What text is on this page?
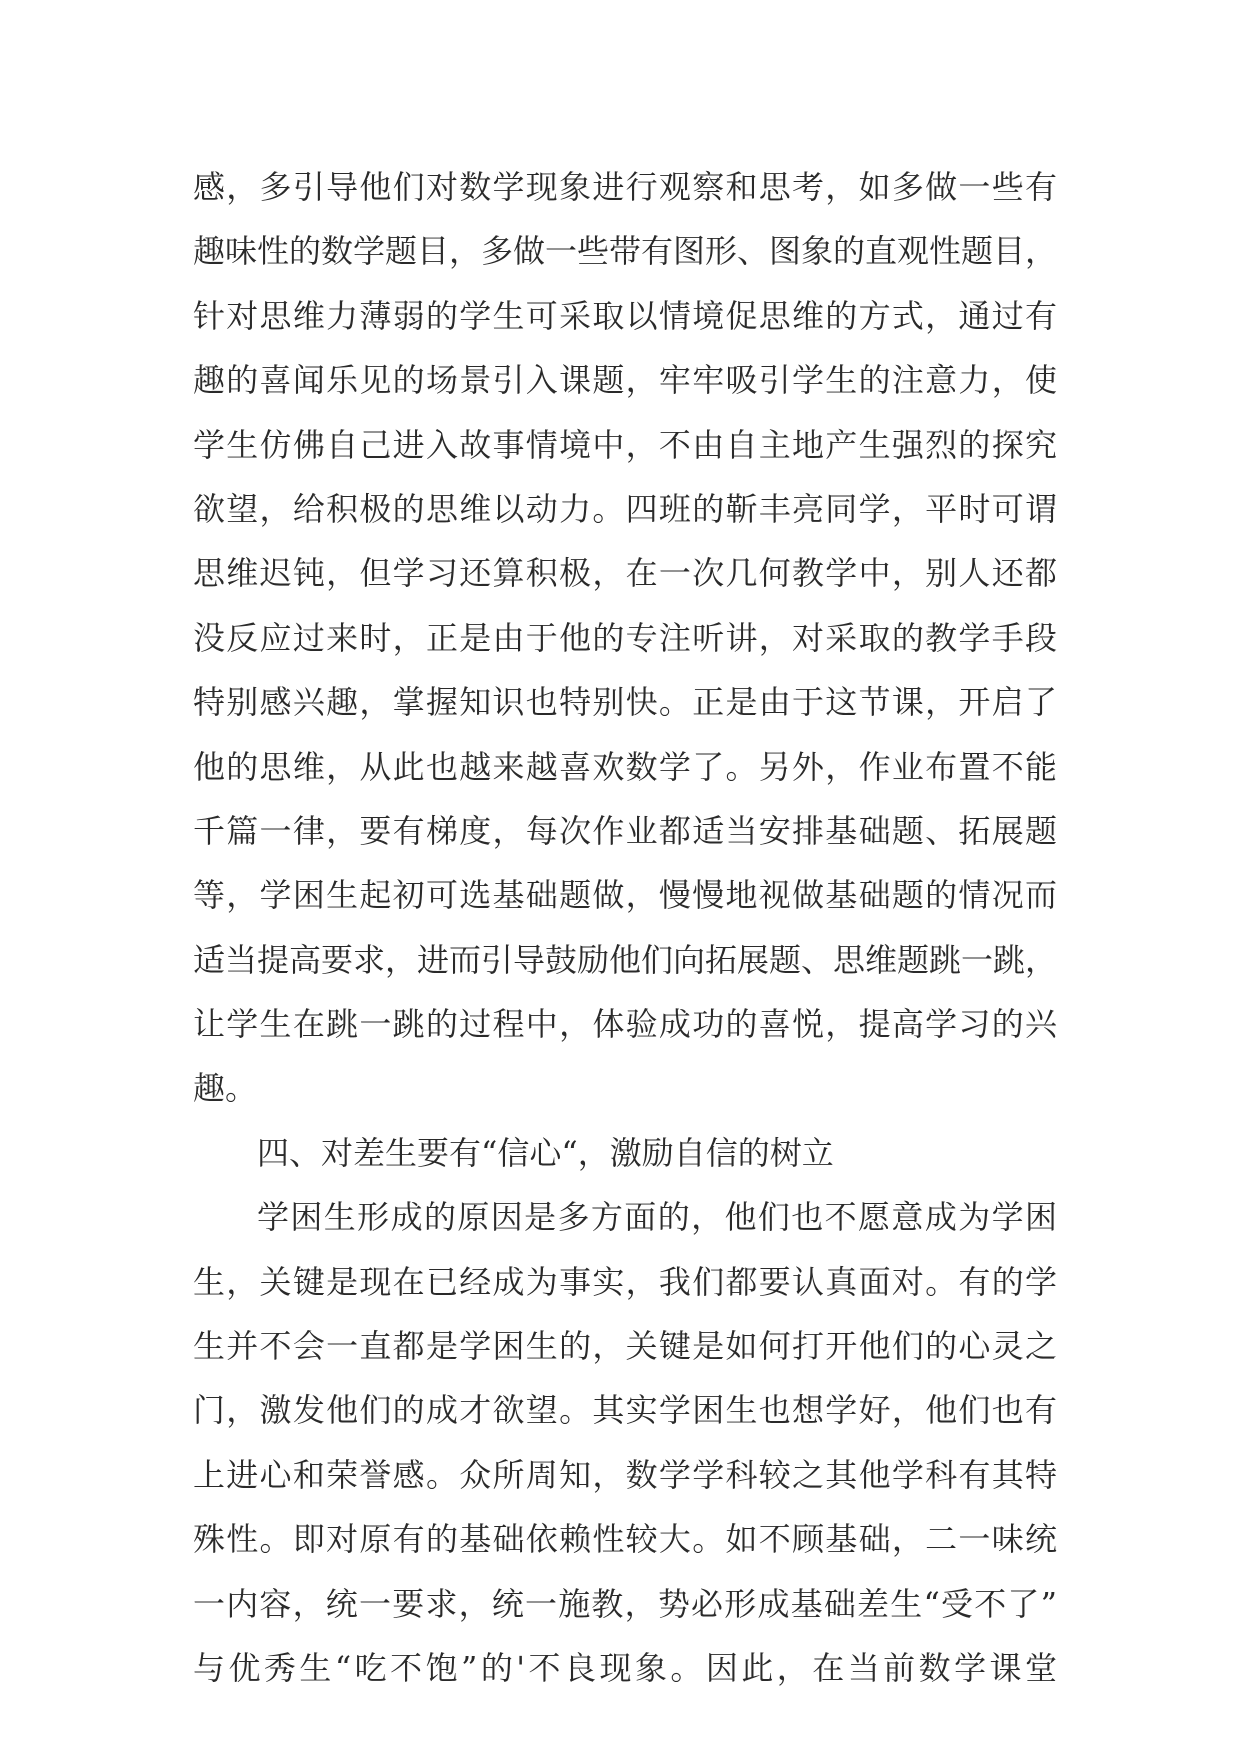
感，多引导他们对数学现象进行观察和思考，如多做一些有
趣味性的数学题目，多做一些带有图形、图象的直观性题目，
针对思维力薄弱的学生可采取以情境促思维的方式，通过有
趣的喜闻乐见的场景引入课题，牢牢吸引学生的注意力，使
学生仿佛自己进入故事情境中，不由自主地产生强烈的探究
欲望，给积极的思维以动力。四班的靳丰亮同学，平时可谓
思维迟钝，但学习还算积极，在一次几何教学中，别人还都
没反应过来时，正是由于他的专注听讲，对采取的教学手段
特别感兴趣，掌握知识也特别快。正是由于这节课，开启了
他的思维，从此也越来越喜欢数学了。另外，作业布置不能
千篇一律，要有梯度，每次作业都适当安排基础题、拓展题
等，学困生起初可选基础题做，慢慢地视做基础题的情况而
适当提高要求，进而引导鼓励他们向拓展题、思维题跳一跳，
让学生在跳一跳的过程中，体验成功的喜悦，提高学习的兴
趣。
四、对差生要有“信心“，激励自信的树立
学困生形成的原因是多方面的，他们也不愿意成为学困
生，关键是现在已经成为事实，我们都要认真面对。有的学
生并不会一直都是学困生的，关键是如何打开他们的心灵之
门，激发他们的成才欲望。其实学困生也想学好，他们也有
上进心和荣誉感。众所周知，数学学科较之其他学科有其特
殊性。即对原有的基础依赖性较大。如不顾基础，二一味统
一内容，统一要求，统一施教，势必形成基础差生“受不了”
与优秀生“吃不饱”的'不良现象。因此，在当前数学课堂
